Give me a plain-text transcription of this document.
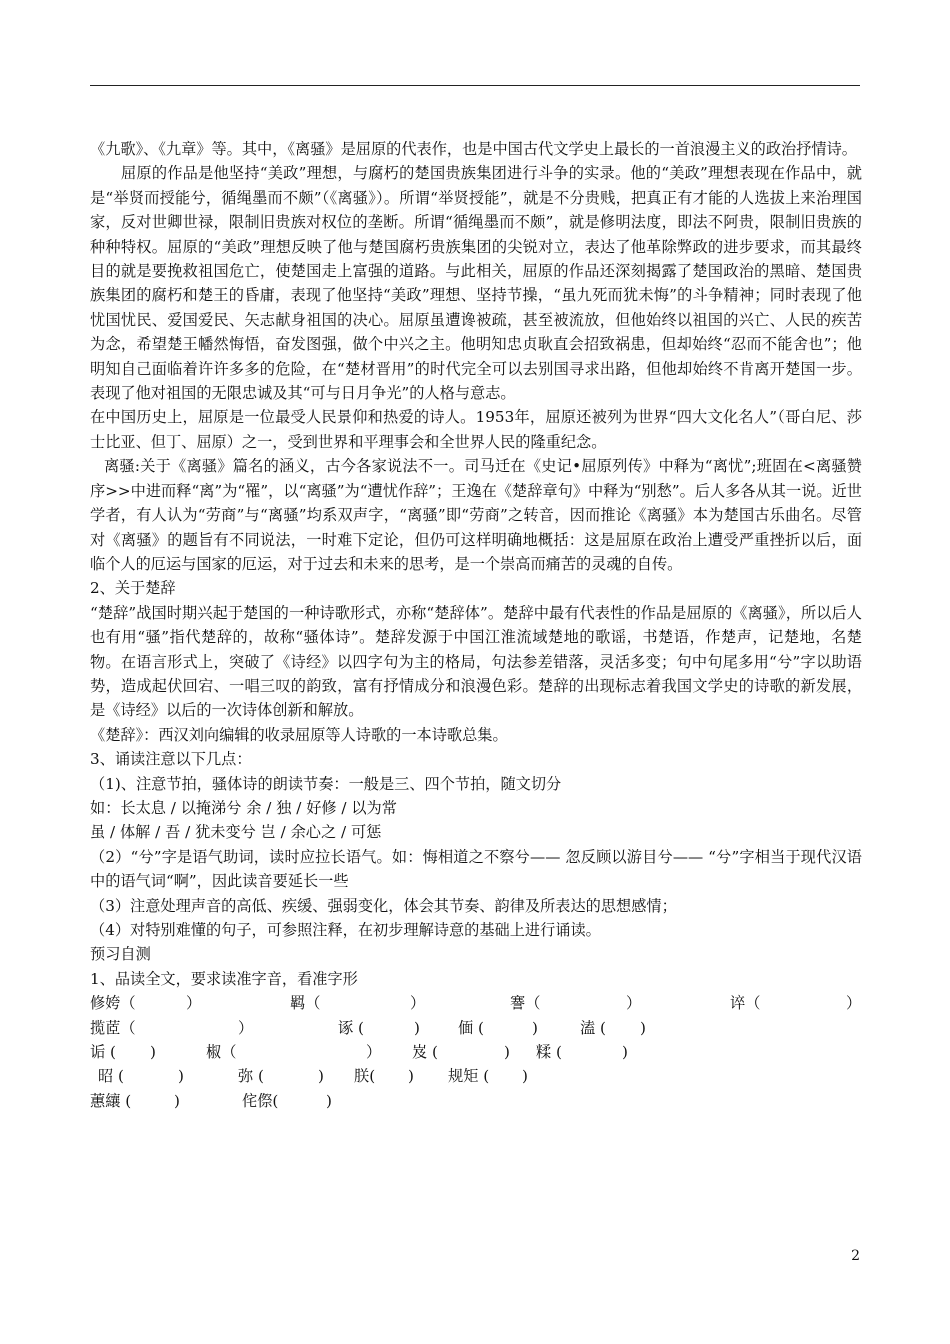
《九歌》、《九章》等。其中，《离骚》是屈原的代表作，也是中国古代文学史上最长的一首浪漫主义的政治抒情诗。

屈原的作品是他坚持“美政”理想，与腐朽的楚国贵族集团进行斗争的实录。他的“美政”理想表现在作品中，就是“举贤而授能兮，循绳墨而不颇”（《离骚》）。所谓“举贤授能”，就是不分贵贱，把真正有才能的人选拔上来治理国家，反对世卿世禄，限制旧贵族对权位的垄断。所谓“循绳墨而不颇”，就是修明法度，即法不阿贵，限制旧贵族的种种特权。屈原的“美政”理想反映了他与楚国腐朽贵族集团的尖锐对立，表达了他革除弊政的进步要求，而其最终目的就是要挽救祖国危亡，使楚国走上富强的道路。与此相关，屈原的作品还深刻揭露了楚国政治的黑暗、楚国贵族集团的腐朽和楚王的昏庸，表现了他坚持“美政”理想、坚持节操，“虽九死而犹未悔”的斗争精神；同时表现了他忧国忧民、爱国爱民、矢志献身祖国的决心。屈原虽遭谗被疏，甚至被流放，但他始终以祖国的兴亡、人民的疾苦为念，希望楚王幡然悔悟，奋发图强，做个中兴之主。他明知忠贞耿直会招致祸患，但却始终“忍而不能舍也”；他明知自己面临着许许多多的危险，在“楚材晋用”的时代完全可以去别国寻求出路，但他却始终不肯离开楚国一步。表现了他对祖国的无限忠诚及其“可与日月争光”的人格与意志。

在中国历史上，屈原是一位最受人民景仰和热爱的诗人。1953年，屈原还被列为世界“四大文化名人”（哥白尼、莎士比亚、但丁、屈原）之一，受到世界和平理事会和全世界人民的隆重纪念。

离骚:关于《离骚》篇名的涵义，古今各家说法不一。司马迁在《史记•屈原列传》中释为“离忧”;班固在<离骚赞序>>中进而释“离”为“罹”，以“离骚”为“遭忧作辞”；王逸在《楚辞章句》中释为“别愁”。后人多各从其一说。近世学者，有人认为“劳商”与“离骚”均系双声字，“离骚”即“劳商”之转音，因而推论《离骚》本为楚国古乐曲名。尽管对《离骚》的题旨有不同说法，一时难下定论，但仍可这样明确地概括：这是屈原在政治上遭受严重挫折以后，面临个人的厄运与国家的厄运，对于过去和未来的思考，是一个崇高而痛苦的灵魂的自传。

2、关于楚辞

“楚辞”战国时期兴起于楚国的一种诗歌形式，亦称“楚辞体”。楚辞中最有代表性的作品是屈原的《离骚》，所以后人也有用“骚”指代楚辞的，故称“骚体诗”。楚辞发源于中国江淮流域楚地的歌谣，书楚语，作楚声，记楚地，名楚物。在语言形式上，突破了《诗经》以四字句为主的格局，句法参差错落，灵活多变；句中句尾多用“兮”字以助语势，造成起伏回宕、一唱三叹的韵致，富有抒情成分和浪漫色彩。楚辞的出现标志着我国文学史的诗歌的新发展，是《诗经》以后的一次诗体创新和解放。

《楚辞》：西汉刘向编辑的收录屈原等人诗歌的一本诗歌总集。

3、诵读注意以下几点：

（1)、注意节拍，骚体诗的朗读节奏：一般是三、四个节拍，随文切分

如：长太息 / 以掩涕兮 余 / 独 / 好修 / 以为常

虽 / 体解 / 吾 / 犹未变兮 岂 / 余心之 / 可惩

（2）“兮”字是语气助词，读时应拉长语气。如：悔相道之不察兮—— 忽反顾以游目兮—— “兮”字相当于现代汉语中的语气词“啊”，因此读音要延长一些

（3）注意处理声音的高低、疾缓、强弱变化，体会其节奏、韵律及所表达的思想感情；

（4）对特别难懂的句子，可参照注释，在初步理解诗意的基础上进行诵读。

预习自测

1、品读全文，要求读准字音，看准字形

修姱（	）	羁（	）	謇（	）	谇（	）
揽茝（	）	诼 (	)	偭 (	)	溘 (	)
诟 (	)	椒（	）	岌 (	)	糅 (	)
昭 (	)	弥 (	)	朕(	)	规矩 (	)
蕙纕 (	)	侘傺(	)
2
